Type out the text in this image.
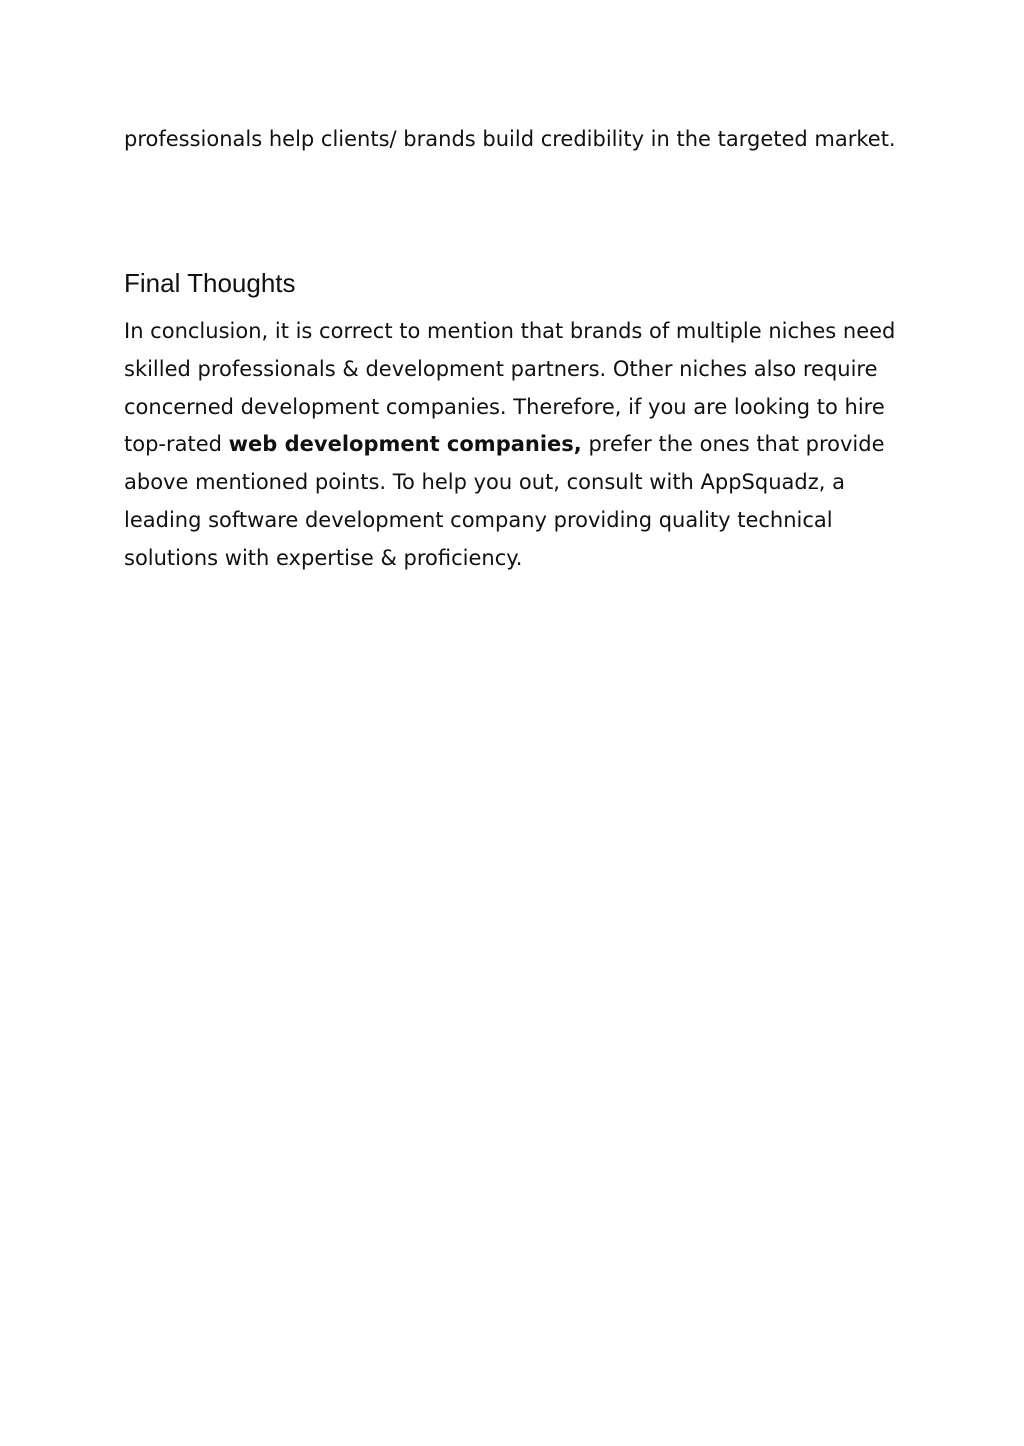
professionals help clients/ brands build credibility in the targeted market.

Final Thoughts

In conclusion, it is correct to mention that brands of multiple niches need skilled professionals & development partners. Other niches also require concerned development companies. Therefore, if you are looking to hire top-rated web development companies, prefer the ones that provide above mentioned points. To help you out, consult with AppSquadz, a leading software development company providing quality technical solutions with expertise & proficiency.
